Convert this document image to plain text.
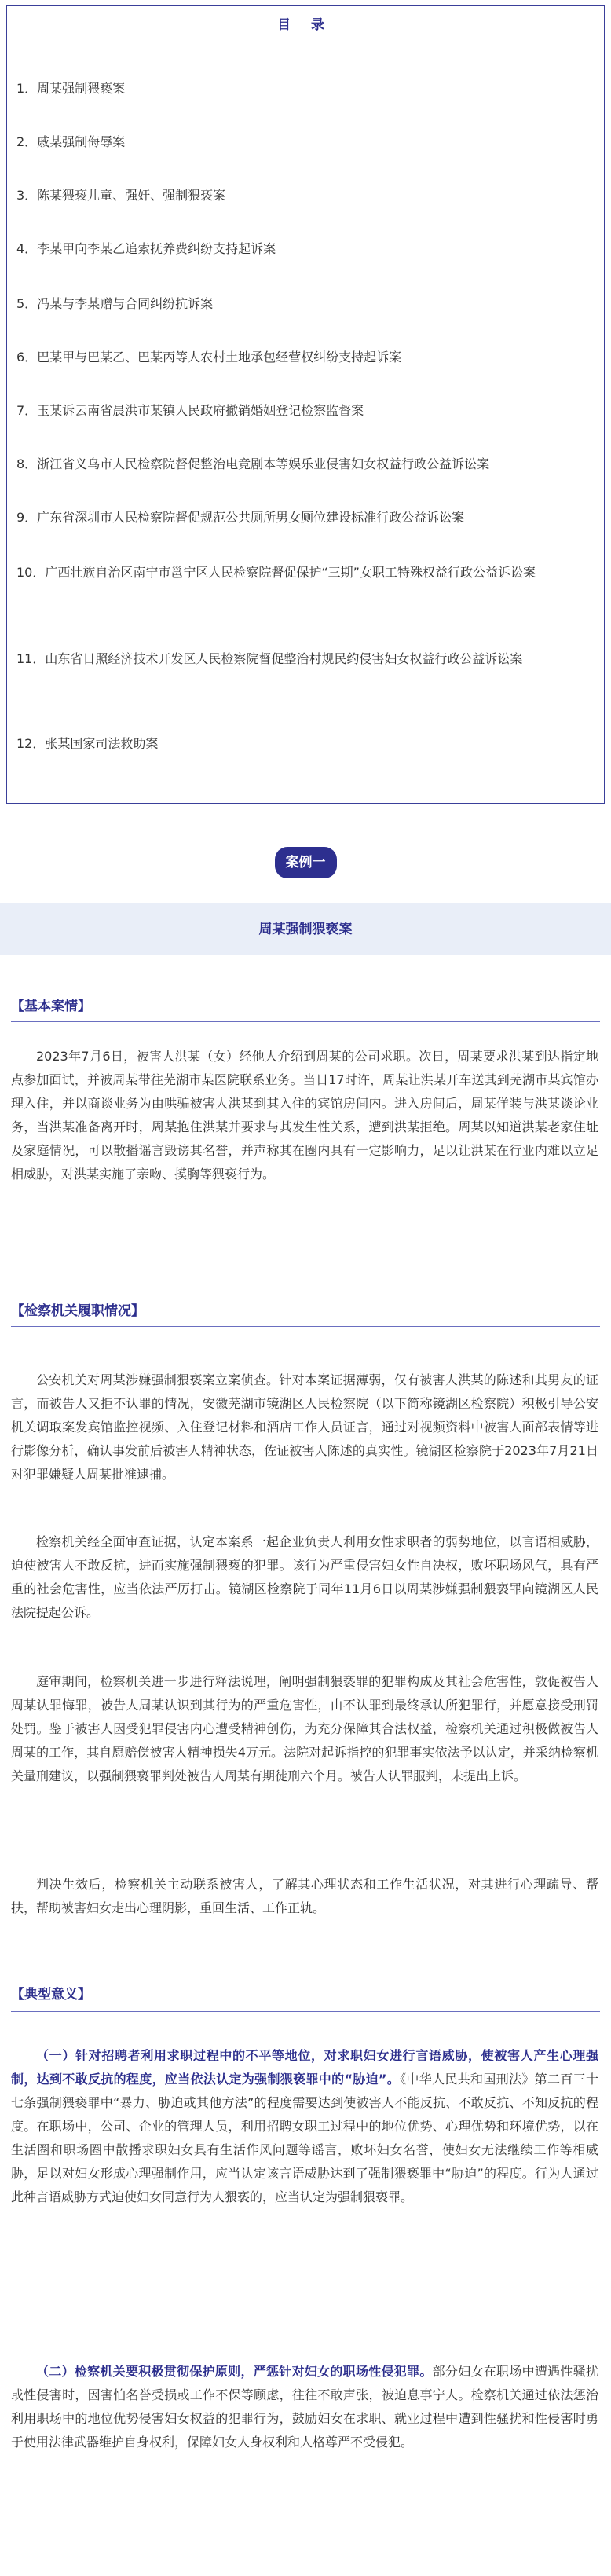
目 录
1．周某强制猥亵案
2．戚某强制侮辱案
3．陈某猥亵儿童、强奸、强制猥亵案
4．李某甲向李某乙追索抚养费纠纷支持起诉案
5．冯某与李某赠与合同纠纷抗诉案
6．巴某甲与巴某乙、巴某丙等人农村土地承包经营权纠纷支持起诉案
7．玉某诉云南省晨洪市某镇人民政府撤销婚姻登记检察监督案
8．浙江省义乌市人民检察院督促整治电竞剧本等娱乐业侵害妇女权益行政公益诉讼案
9．广东省深圳市人民检察院督促规范公共厕所男女厕位建设标准行政公益诉讼案
10．广西壮族自治区南宁市邕宁区人民检察院督促保护“三期”女职工特殊权益行政公益诉讼案
11．山东省日照经济技术开发区人民检察院督促整治村规民约侵害妇女权益行政公益诉讼案
12．张某国家司法救助案
案例一
周某强制猥亵案
【基本案情】
2023年7月6日，被害人洪某（女）经他人介绍到周某的公司求职。次日，周某要求洪某到达指定地点参加面试，并被周某带往芜湖市某医院联系业务。当日17时许，周某让洪某开车送其到芜湖市某宾馆办理入住，并以商谈业务为由哄骗被害人洪某到其入住的宾馆房间内。进入房间后，周某佯装与洪某谈论业务，当洪某准备离开时，周某抱住洪某并要求与其发生性关系，遭到洪某拒绝。周某以知道洪某老家住址及家庭情况，可以散播谣言毁谤其名誉，并声称其在圈内具有一定影响力，足以让洪某在行业内难以立足相威胁，对洪某实施了亲吻、摸胸等猥亵行为。
【检察机关履职情况】
公安机关对周某涉嫌强制猥亵案立案侦查。针对本案证据薄弱，仅有被害人洪某的陈述和其男友的证言，而被告人又拒不认罪的情况，安徽芜湖市镜湖区人民检察院（以下简称镜湖区检察院）积极引导公安机关调取案发宾馆监控视频、入住登记材料和酒店工作人员证言，通过对视频资料中被害人面部表情等进行影像分析，确认事发前后被害人精神状态，佐证被害人陈述的真实性。镜湖区检察院于2023年7月21日对犯罪嫌疑人周某批准逮捕。
检察机关经全面审查证据，认定本案系一起企业负责人利用女性求职者的弱势地位，以言语相威胁，迫使被害人不敢反抗，进而实施强制猥亵的犯罪。该行为严重侵害妇女性自决权，败坏职场风气，具有严重的社会危害性，应当依法严厉打击。镜湖区检察院于同年11月6日以周某涉嫌强制猥亵罪向镜湖区人民法院提起公诉。
庭审期间，检察机关进一步进行释法说理，阐明强制猥亵罪的犯罪构成及其社会危害性，敦促被告人周某认罪悔罪，被告人周某认识到其行为的严重危害性，由不认罪到最终承认所犯罪行，并愿意接受刑罚处罚。鉴于被害人因受犯罪侵害内心遭受精神创伤，为充分保障其合法权益，检察机关通过积极做被告人周某的工作，其自愿赔偿被害人精神损失4万元。法院对起诉指控的犯罪事实依法予以认定，并采纳检察机关量刑建议，以强制猥亵罪判处被告人周某有期徒刑六个月。被告人认罪服判，未提出上诉。
判决生效后，检察机关主动联系被害人，了解其心理状态和工作生活状况，对其进行心理疏导、帮扶，帮助被害妇女走出心理阴影，重回生活、工作正轨。
【典型意义】
（一）针对招聘者利用求职过程中的不平等地位，对求职妇女进行言语威胁，使被害人产生心理强制，达到不敢反抗的程度，应当依法认定为强制猥亵罪中的“胁迫”。《中华人民共和国刑法》第二百三十七条强制猥亵罪中“暴力、胁迫或其他方法”的程度需要达到使被害人不能反抗、不敢反抗、不知反抗的程度。在职场中，公司、企业的管理人员，利用招聘女职工过程中的地位优势、心理优势和环境优势，以在生活圈和职场圈中散播求职妇女具有生活作风问题等谣言，败坏妇女名誉，使妇女无法继续工作等相威胁，足以对妇女形成心理强制作用，应当认定该言语威胁达到了强制猥亵罪中“胁迫”的程度。行为人通过此种言语威胁方式迫使妇女同意行为人猥亵的，应当认定为强制猥亵罪。
（二）检察机关要积极贯彻保护原则，严惩针对妇女的职场性侵犯罪。部分妇女在职场中遭遇性骚扰或性侵害时，因害怕名誉受损或工作不保等顾虑，往往不敢声张，被迫息事宁人。检察机关通过依法惩治利用职场中的地位优势侵害妇女权益的犯罪行为，鼓励妇女在求职、就业过程中遭到性骚扰和性侵害时勇于使用法律武器维护自身权利，保障妇女人身权利和人格尊严不受侵犯。
